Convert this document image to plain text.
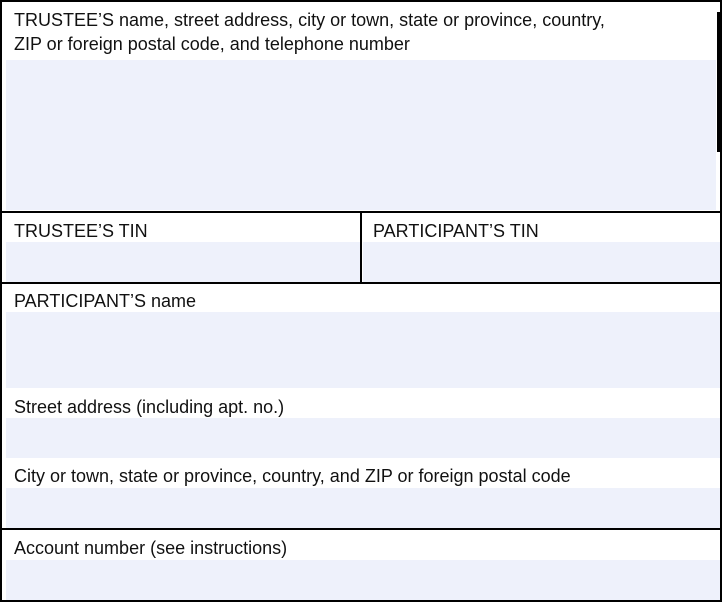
TRUSTEE’S name, street address, city or town, state or province, country,
ZIP or foreign postal code, and telephone number
TRUSTEE’S TIN	PARTICIPANT’S TIN
PARTICIPANT’S name
Street address (including apt. no.)
City or town, state or province, country, and ZIP or foreign postal code
Account number (see instructions)
